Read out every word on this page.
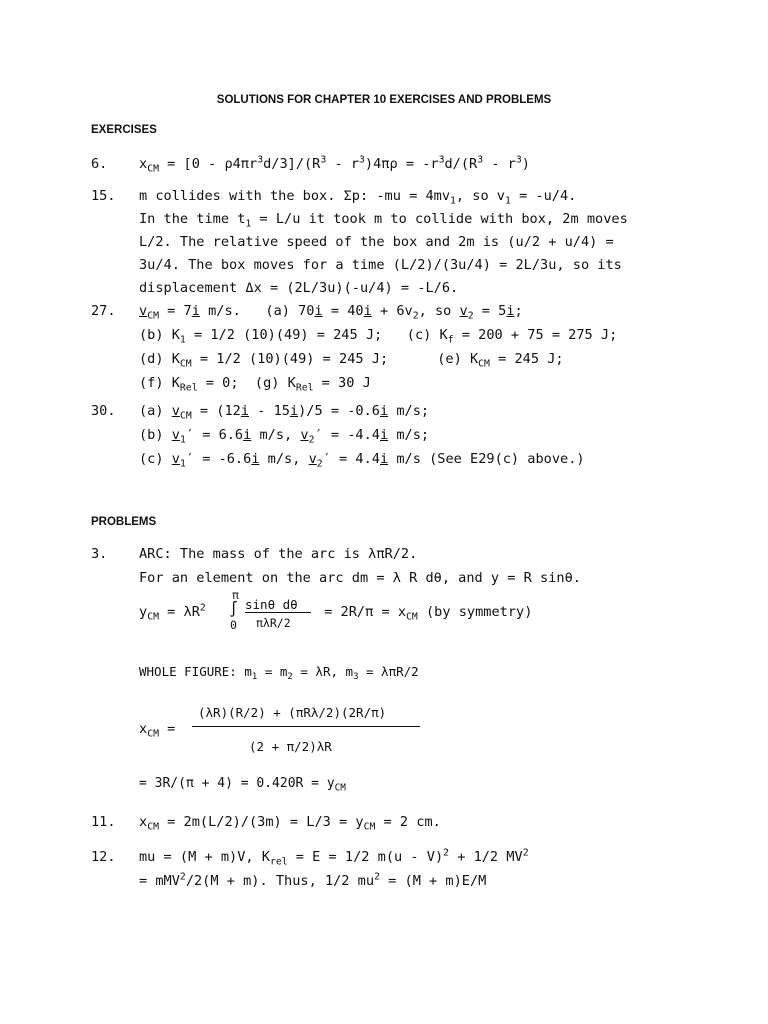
SOLUTIONS FOR CHAPTER 10 EXERCISES AND PROBLEMS
EXERCISES
6. $x_{CM} = [0 - \rho 4\pi r^3d/3]/(R^3 - r^3)4\pi\rho = -r^3d/(R^3 - r^3)$
15. m collides with the box. Σp: $-mu = 4mv_1$, so $v_1 = -u/4$.
In the time $t_1 = L/u$ it took m to collide with box, 2m moves
L/2. The relative speed of the box and 2m is (u/2 + u/4) =
3u/4. The box moves for a time (L/2)/(3u/4) = 2L/3u, so its
displacement Δx = (2L/3u)(-u/4) = -L/6.
27. $v_{CM} = 7i$ m/s.   (a) $70i = 40i + 6v_2$, so $v_2 = 5i$;
(b) $K_1 = 1/2$ (10)(49) = 245 J;   (c) $K_f = 200 + 75 = 275$ J;
(d) $K_{CM} = 1/2$ (10)(49) = 245 J;      (e) $K_{CM} = 245$ J;
(f) $K_{Rel} = 0$;  (g) $K_{Rel} = 30$ J
30. (a) $v_{CM} = (12i - 15i)/5 = -0.6i$ m/s;
(b) $v_1' = 6.6i$ m/s, $v_2' = -4.4i$ m/s;
(c) $v_1' = -6.6i$ m/s, $v_2' = 4.4i$ m/s (See E29(c) above.)
PROBLEMS
3. ARC: The mass of the arc is λπR/2.
For an element on the arc dm = λ R dθ, and y = R sinθ.
π
$y_{CM} = \lambda R^2$ ∫
0
sinθ dθ
πλR/2
= $2R/\pi = x_{CM}$ (by symmetry)
WHOLE FIGURE: $m_1 = m_2 = \lambda R$, $m_3 = \lambda\pi R/2$
(λR)(R/2) + (πRλ/2)(2R/π)
$x_{CM}$ =
(2 + π/2)λR
= $3R/(\pi + 4) = 0.420R = y_{CM}$
11. $x_{CM} = 2m(L/2)/(3m) = L/3 = y_{CM} = 2$ cm.
12. mu = (M + m)V, $K_{rel} = E = 1/2$ m(u - V)$^2$ + 1/2 $MV^2$
= mMV$^2$/2(M + m). Thus, 1/2 $mu^2 = (M + m)E/M$
